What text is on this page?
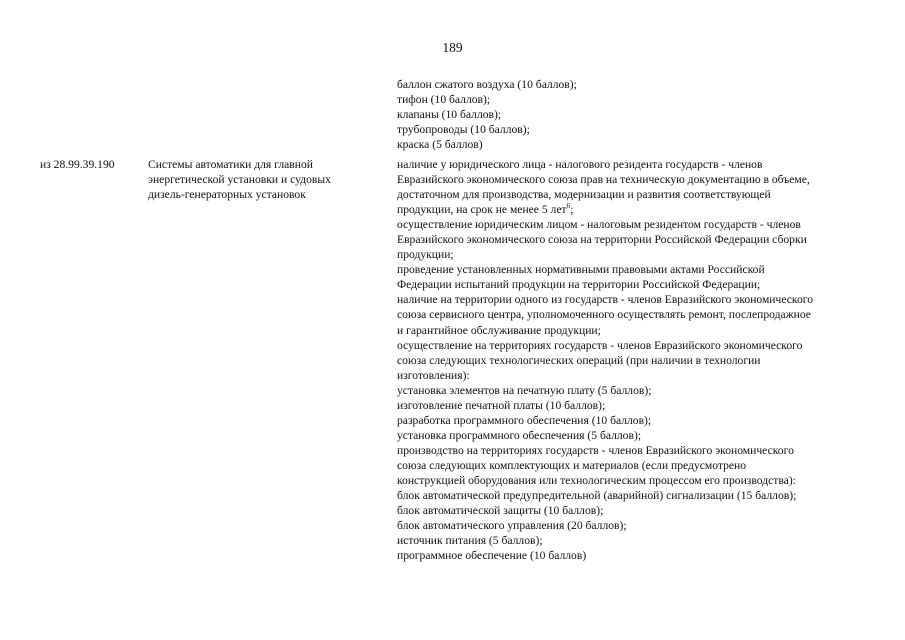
189
баллон сжатого воздуха (10 баллов);
тифон (10 баллов);
клапаны (10 баллов);
трубопроводы (10 баллов);
краска (5 баллов)
из 28.99.39.190	Системы автоматики для главной
энергетической установки и судовых
дизель-генераторных установок
наличие у юридического лица - налогового резидента государств - членов
Евразийского экономического союза прав на техническую документацию в объеме,
достаточном для производства, модернизации и развития соответствующей
продукции, на срок не менее 5 лет$^6$;
осуществление юридическим лицом - налоговым резидентом государств - членов
Евразийского экономического союза на территории Российской Федерации сборки
продукции;
проведение установленных нормативными правовыми актами Российской
Федерации испытаний продукции на территории Российской Федерации;
наличие на территории одного из государств - членов Евразийского экономического
союза сервисного центра, уполномоченного осуществлять ремонт, послепродажное
и гарантийное обслуживание продукции;
осуществление на территориях государств - членов Евразийского экономического
союза следующих технологических операций (при наличии в технологии
изготовления):
установка элементов на печатную плату (5 баллов);
изготовление печатной платы (10 баллов);
разработка программного обеспечения (10 баллов);
установка программного обеспечения (5 баллов);
производство на территориях государств - членов Евразийского экономического
союза следующих комплектующих и материалов (если предусмотрено
конструкцией оборудования или технологическим процессом его производства):
блок автоматической предупредительной (аварийной) сигнализации (15 баллов);
блок автоматической защиты (10 баллов);
блок автоматического управления (20 баллов);
источник питания (5 баллов);
программное обеспечение (10 баллов)
